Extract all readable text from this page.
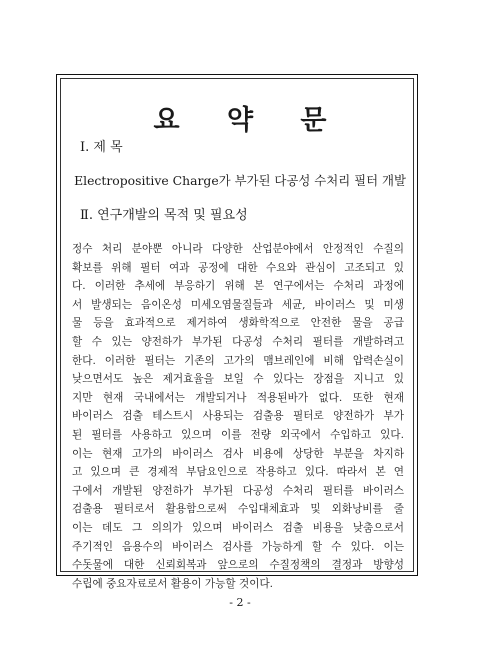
요 약 문

Ⅰ. 제 목

Electropositive Charge가 부가된 다공성 수처리 필터 개발

Ⅱ. 연구개발의 목적 및 필요성

정수 처리 분야뿐 아니라 다양한 산업분야에서 안정적인 수질의
확보를 위해 필터 여과 공정에 대한 수요와 관심이 고조되고 있
다. 이러한 추세에 부응하기 위해 본 연구에서는 수처리 과정에
서 발생되는 음이온성 미세오염물질들과 세균, 바이러스 및 미생
물 등을 효과적으로 제거하여 생화학적으로 안전한 물을 공급
할 수 있는 양전하가 부가된 다공성 수처리 필터를 개발하려고
한다. 이러한 필터는 기존의 고가의 맴브레인에 비해 압력손실이
낮으면서도 높은 제거효율을 보일 수 있다는 장점을 지니고 있
지만 현재 국내에서는 개발되거나 적용된바가 없다. 또한 현재
바이러스 검출 테스트시 사용되는 검출용 필터로 양전하가 부가
된 필터를 사용하고 있으며 이를 전량 외국에서 수입하고 있다.
이는 현재 고가의 바이러스 검사 비용에 상당한 부분을 차지하
고 있으며 큰 경제적 부담요인으로 작용하고 있다. 따라서 본 연
구에서 개발된 양전하가 부가된 다공성 수처리 필터를 바이러스
검출용 필터로서 활용함으로써 수입대체효과 및 외화낭비를 줄
이는 데도 그 의의가 있으며 바이러스 검출 비용을 낮춤으로서
주기적인 음용수의 바이러스 검사를 가능하게 할 수 있다. 이는
수돗물에 대한 신뢰회복과 앞으로의 수질정책의 결정과 방향성
수립에 중요자료로서 활용이 가능할 것이다.

- 2 -
